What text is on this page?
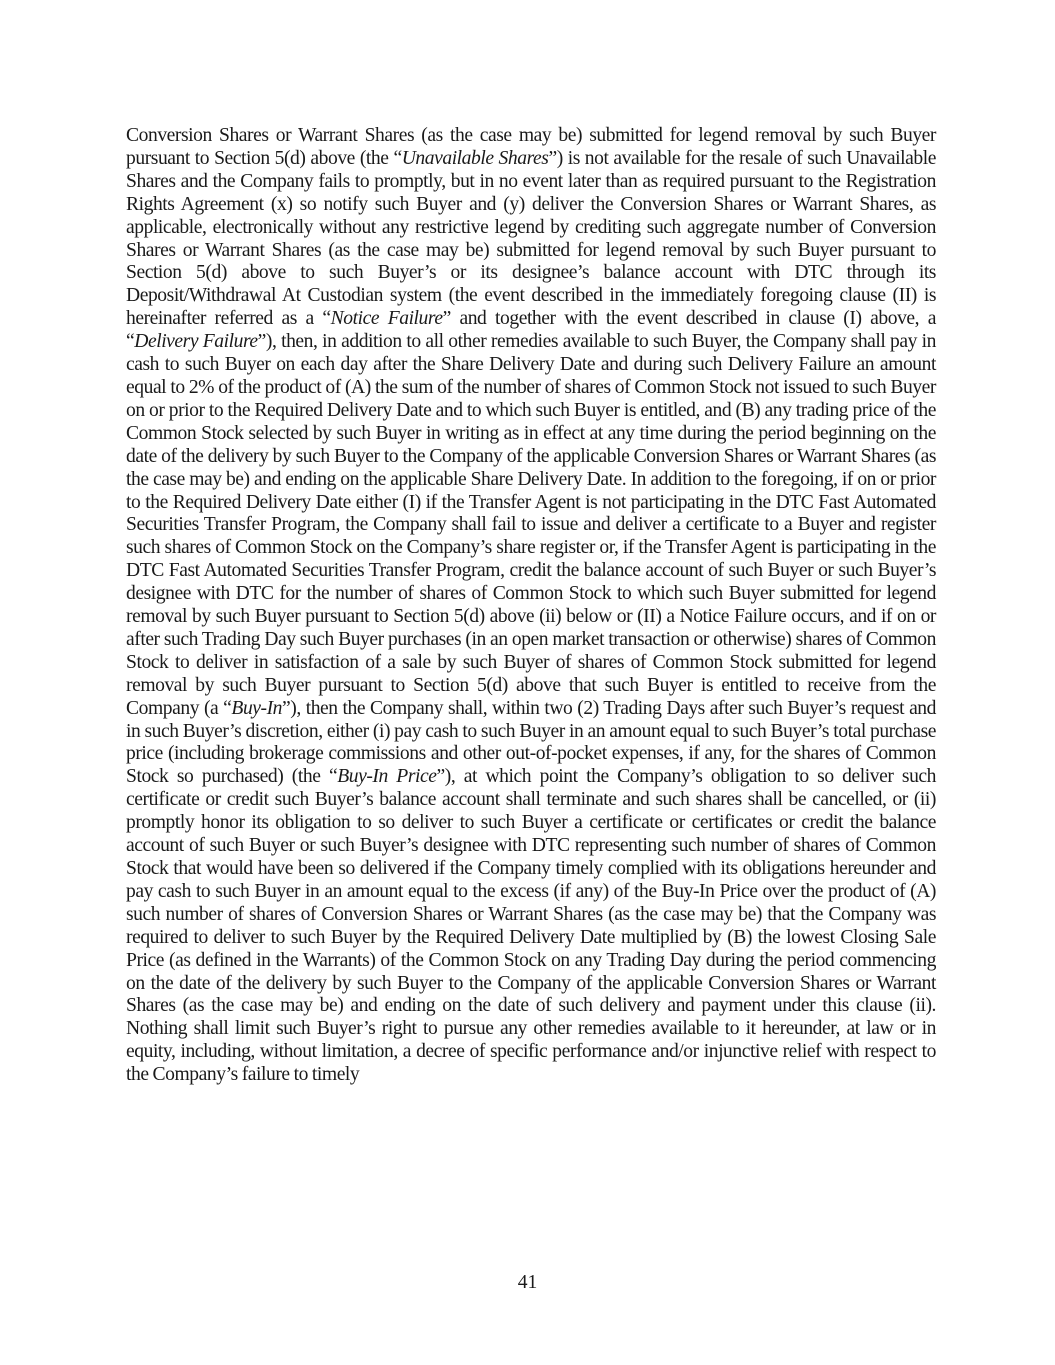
Conversion Shares or Warrant Shares (as the case may be) submitted for legend removal by such Buyer pursuant to Section 5(d) above (the “Unavailable Shares”) is not available for the resale of such Unavailable Shares and the Company fails to promptly, but in no event later than as required pursuant to the Registration Rights Agreement (x) so notify such Buyer and (y) deliver the Conversion Shares or Warrant Shares, as applicable, electronically without any restrictive legend by crediting such aggregate number of Conversion Shares or Warrant Shares (as the case may be) submitted for legend removal by such Buyer pursuant to Section 5(d) above to such Buyer’s or its designee’s balance account with DTC through its Deposit/Withdrawal At Custodian system (the event described in the immediately foregoing clause (II) is hereinafter referred as a “Notice Failure” and together with the event described in clause (I) above, a “Delivery Failure”), then, in addition to all other remedies available to such Buyer, the Company shall pay in cash to such Buyer on each day after the Share Delivery Date and during such Delivery Failure an amount equal to 2% of the product of (A) the sum of the number of shares of Common Stock not issued to such Buyer on or prior to the Required Delivery Date and to which such Buyer is entitled, and (B) any trading price of the Common Stock selected by such Buyer in writing as in effect at any time during the period beginning on the date of the delivery by such Buyer to the Company of the applicable Conversion Shares or Warrant Shares (as the case may be) and ending on the applicable Share Delivery Date. In addition to the foregoing, if on or prior to the Required Delivery Date either (I) if the Transfer Agent is not participating in the DTC Fast Automated Securities Transfer Program, the Company shall fail to issue and deliver a certificate to a Buyer and register such shares of Common Stock on the Company’s share register or, if the Transfer Agent is participating in the DTC Fast Automated Securities Transfer Program, credit the balance account of such Buyer or such Buyer’s designee with DTC for the number of shares of Common Stock to which such Buyer submitted for legend removal by such Buyer pursuant to Section 5(d) above (ii) below or (II) a Notice Failure occurs, and if on or after such Trading Day such Buyer purchases (in an open market transaction or otherwise) shares of Common Stock to deliver in satisfaction of a sale by such Buyer of shares of Common Stock submitted for legend removal by such Buyer pursuant to Section 5(d) above that such Buyer is entitled to receive from the Company (a “Buy-In”), then the Company shall, within two (2) Trading Days after such Buyer’s request and in such Buyer’s discretion, either (i) pay cash to such Buyer in an amount equal to such Buyer’s total purchase price (including brokerage commissions and other out-of-pocket expenses, if any, for the shares of Common Stock so purchased) (the “Buy-In Price”), at which point the Company’s obligation to so deliver such certificate or credit such Buyer’s balance account shall terminate and such shares shall be cancelled, or (ii) promptly honor its obligation to so deliver to such Buyer a certificate or certificates or credit the balance account of such Buyer or such Buyer’s designee with DTC representing such number of shares of Common Stock that would have been so delivered if the Company timely complied with its obligations hereunder and pay cash to such Buyer in an amount equal to the excess (if any) of the Buy-In Price over the product of (A) such number of shares of Conversion Shares or Warrant Shares (as the case may be) that the Company was required to deliver to such Buyer by the Required Delivery Date multiplied by (B) the lowest Closing Sale Price (as defined in the Warrants) of the Common Stock on any Trading Day during the period commencing on the date of the delivery by such Buyer to the Company of the applicable Conversion Shares or Warrant Shares (as the case may be) and ending on the date of such delivery and payment under this clause (ii). Nothing shall limit such Buyer’s right to pursue any other remedies available to it hereunder, at law or in equity, including, without limitation, a decree of specific performance and/or injunctive relief with respect to the Company’s failure to timely

41
